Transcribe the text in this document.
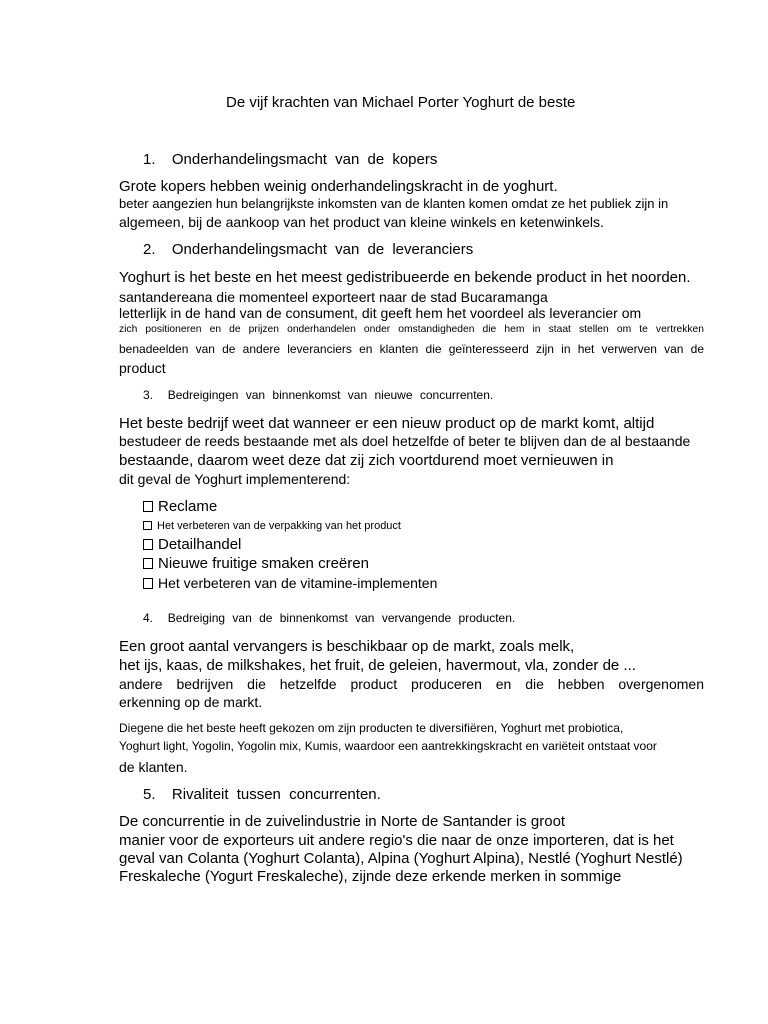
De vijf krachten van Michael Porter Yoghurt de beste
1. Onderhandelingsmacht van de kopers
Grote kopers hebben weinig onderhandelingskracht in de yoghurt.
beter aangezien hun belangrijkste inkomsten van de klanten komen omdat ze het publiek zijn in
algemeen, bij de aankoop van het product van kleine winkels en ketenwinkels.
2. Onderhandelingsmacht van de leveranciers
Yoghurt is het beste en het meest gedistribueerde en bekende product in het noorden.
santandereana die momenteel exporteert naar de stad Bucaramanga
letterlijk in de hand van de consument, dit geeft hem het voordeel als leverancier om
zich positioneren en de prijzen onderhandelen onder omstandigheden die hem in staat stellen om te vertrekken
benadeelden van de andere leveranciers en klanten die geïnteresseerd zijn in het verwerven van de
product
3. Bedreigingen van binnenkomst van nieuwe concurrenten.
Het beste bedrijf weet dat wanneer er een nieuw product op de markt komt, altijd
bestudeer de reeds bestaande met als doel hetzelfde of beter te blijven dan de al bestaande
bestaande, daarom weet deze dat zij zich voortdurend moet vernieuwen in
dit geval de Yoghurt implementerend:
Reclame
Het verbeteren van de verpakking van het product
Detailhandel
Nieuwe fruitige smaken creëren
Het verbeteren van de vitamine-implementen
4. Bedreiging van de binnenkomst van vervangende producten.
Een groot aantal vervangers is beschikbaar op de markt, zoals melk,
het ijs, kaas, de milkshakes, het fruit, de geleien, havermout, vla, zonder de ...
andere bedrijven die hetzelfde product produceren en die hebben overgenomen
erkenning op de markt.
Diegene die het beste heeft gekozen om zijn producten te diversifiëren, Yoghurt met probiotica,
Yoghurt light, Yogolin, Yogolin mix, Kumis, waardoor een aantrekkingskracht en variëteit ontstaat voor
de klanten.
5. Rivaliteit tussen concurrenten.
De concurrentie in de zuivelindustrie in Norte de Santander is groot
manier voor de exporteurs uit andere regio's die naar de onze importeren, dat is het
geval van Colanta (Yoghurt Colanta), Alpina (Yoghurt Alpina), Nestlé (Yoghurt Nestlé)
Freskaleche (Yogurt Freskaleche), zijnde deze erkende merken in sommige
